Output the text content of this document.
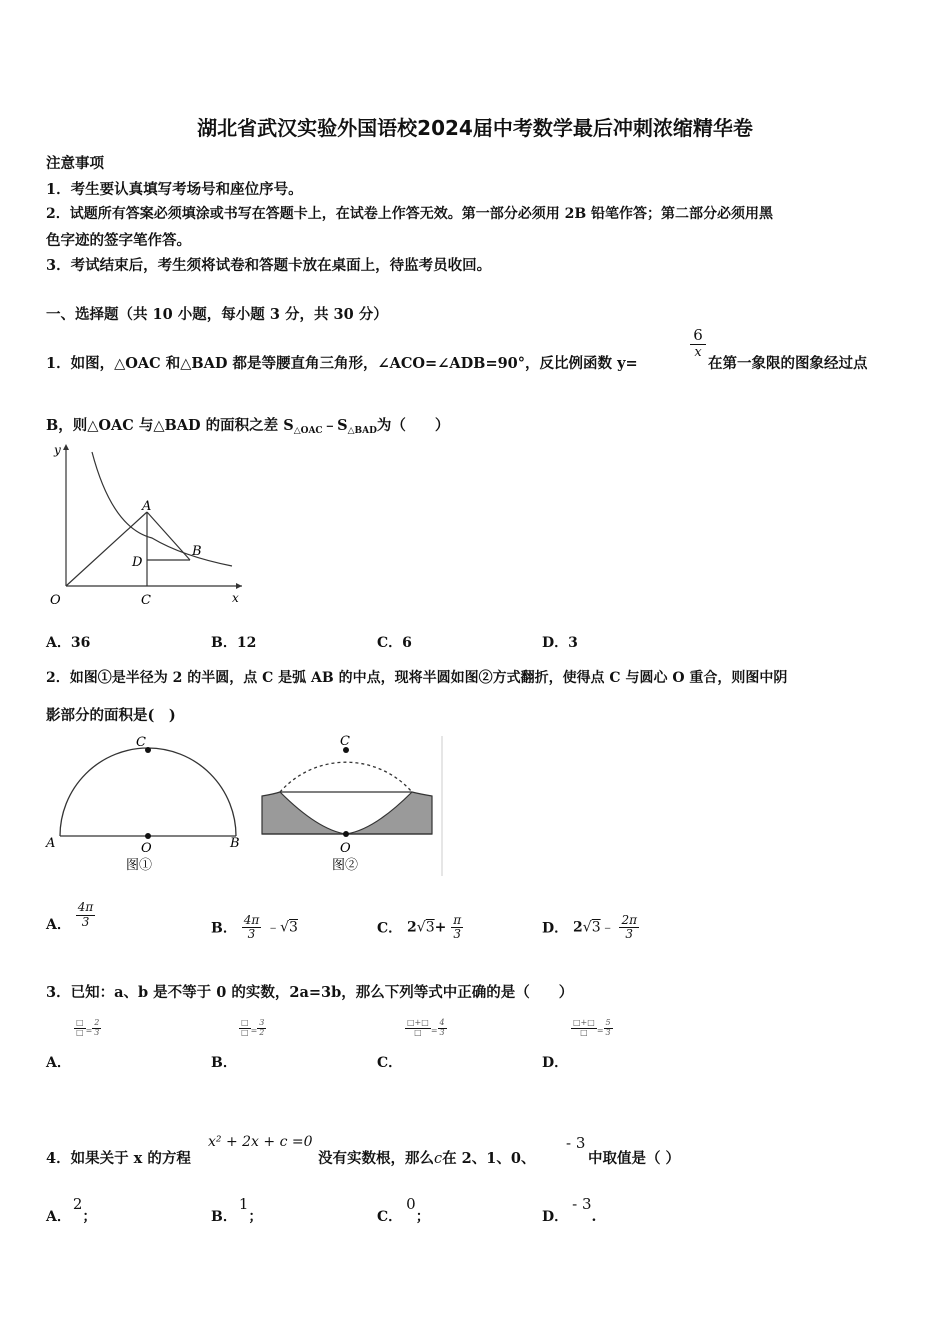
湖北省武汉实验外国语校2024届中考数学最后冲刺浓缩精华卷
注意事项
1．考生要认真填写考场号和座位序号。
2．试题所有答案必须填涂或书写在答题卡上，在试卷上作答无效。第一部分必须用 2B 铅笔作答；第二部分必须用黑
色字迹的签字笔作答。
3．考试结束后，考生须将试卷和答题卡放在桌面上，待监考员收回。
一、选择题（共 10 小题，每小题 3 分，共 30 分）
1．如图，△OAC 和△BAD 都是等腰直角三角形，∠ACO=∠ADB=90°，反比例函数 y=
$\frac{6}{x}$
在第一象限的图象经过点
B，则△OAC 与△BAD 的面积之差 $S_{\triangle OAC}﹣S_{\triangle BAD}$为（　　）
y
x
O	C
A
B
D
A．36	B．12	C．6	D．3
2．如图①是半径为 2 的半圆，点 C 是弧 AB 的中点，现将半圆如图②方式翻折，使得点 C 与圆心 O 重合，则图中阴
影部分的面积是(　)
C
A	O	B
图①
C
O
图②
A． $\frac{4\pi}{3}$	B． $\frac{4\pi}{3}$ ﹣√3	C． $2√3+ \frac{\pi}{3}$	D． 2√3﹣ $\frac{2\pi}{3}$
3．已知：a、b 是不等于 0 的实数，2a=3b，那么下列等式中正确的是（　　）
$\frac{□}{□} = \frac{2}{3}$
A．
$\frac{□}{□} = \frac{3}{2}$
B．
$\frac{□+□}{□} = \frac{4}{3}$
C．
$\frac{□+□}{□} = \frac{5}{3}$
D．
4．如果关于 x 的方程
x² + 2x + c =0
没有实数根，那么c在 2、1、0、
- 3
中取值是（ ）
A．2；	B．1；	C．0；	D．- 3.
